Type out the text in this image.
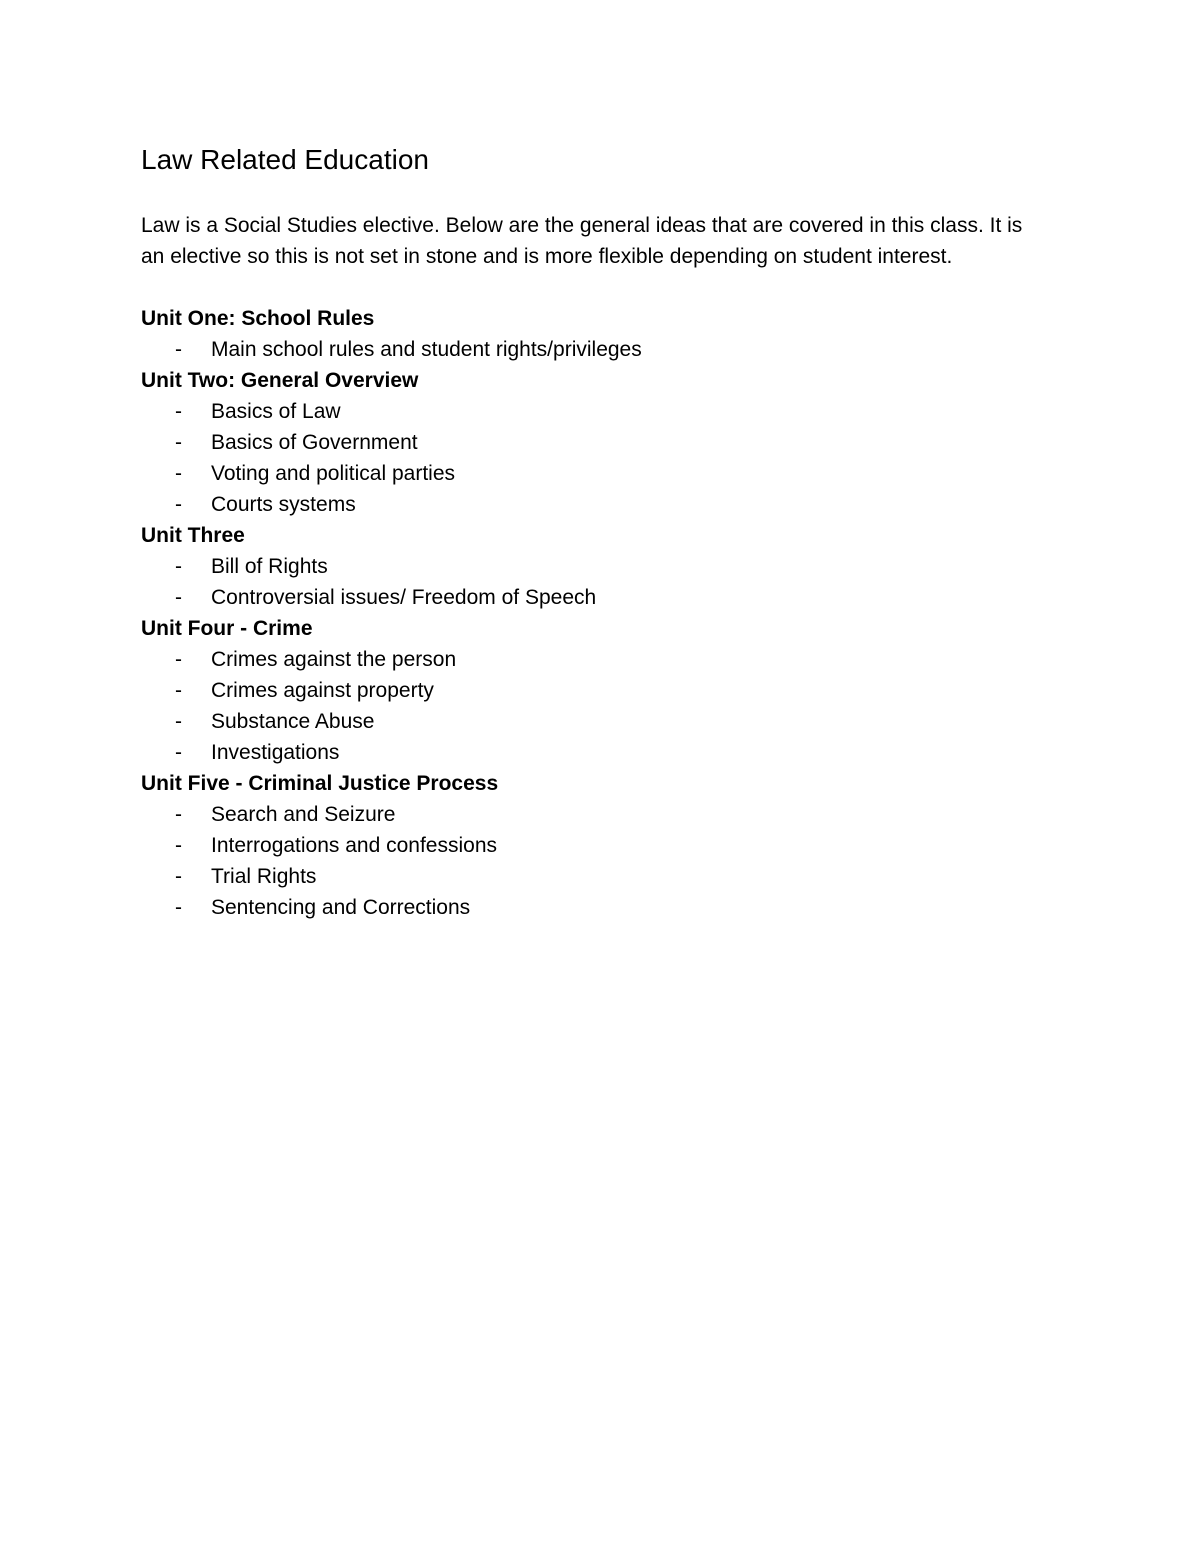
Law Related Education

Law is a Social Studies elective. Below are the general ideas that are covered in this class. It is an elective so this is not set in stone and is more flexible depending on student interest.

Unit One: School Rules

- Main school rules and student rights/privileges

Unit Two: General Overview

- Basics of Law
- Basics of Government
- Voting and political parties
- Courts systems

Unit Three

- Bill of Rights
- Controversial issues/ Freedom of Speech

Unit Four - Crime

- Crimes against the person
- Crimes against property
- Substance Abuse
- Investigations

Unit Five - Criminal Justice Process

- Search and Seizure
- Interrogations and confessions
- Trial Rights
- Sentencing and Corrections
